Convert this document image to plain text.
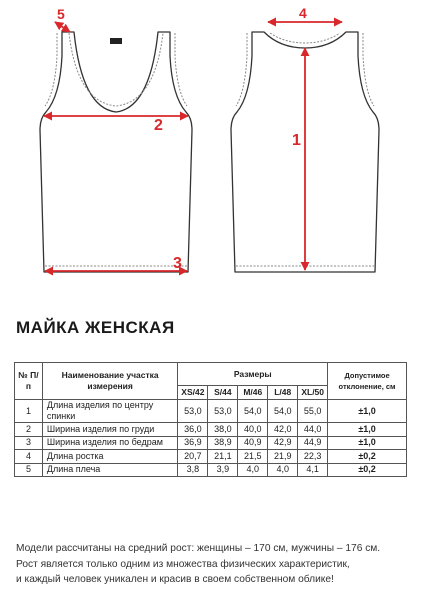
5
2
3
4
1
МАЙКА ЖЕНСКАЯ
№ П/п	Наименование участка измерения	Размеры					Допустимое отклонение, см
		XS/42	S/44	M/46	L/48	XL/50	
1	Длина изделия по центру спинки	53,0	53,0	54,0	54,0	55,0	±1,0
2	Ширина изделия по груди	36,0	38,0	40,0	42,0	44,0	±1,0
3	Ширина изделия по бедрам	36,9	38,9	40,9	42,9	44,9	±1,0
4	Длина ростка	20,7	21,1	21,5	21,9	22,3	±0,2
5	Длина плеча	3,8	3,9	4,0	4,0	4,1	±0,2
Модели рассчитаны на средний рост: женщины – 170 см, мужчины – 176 см.
Рост является только одним из множества физических характеристик,
и каждый человек уникален и красив в своем собственном облике!
